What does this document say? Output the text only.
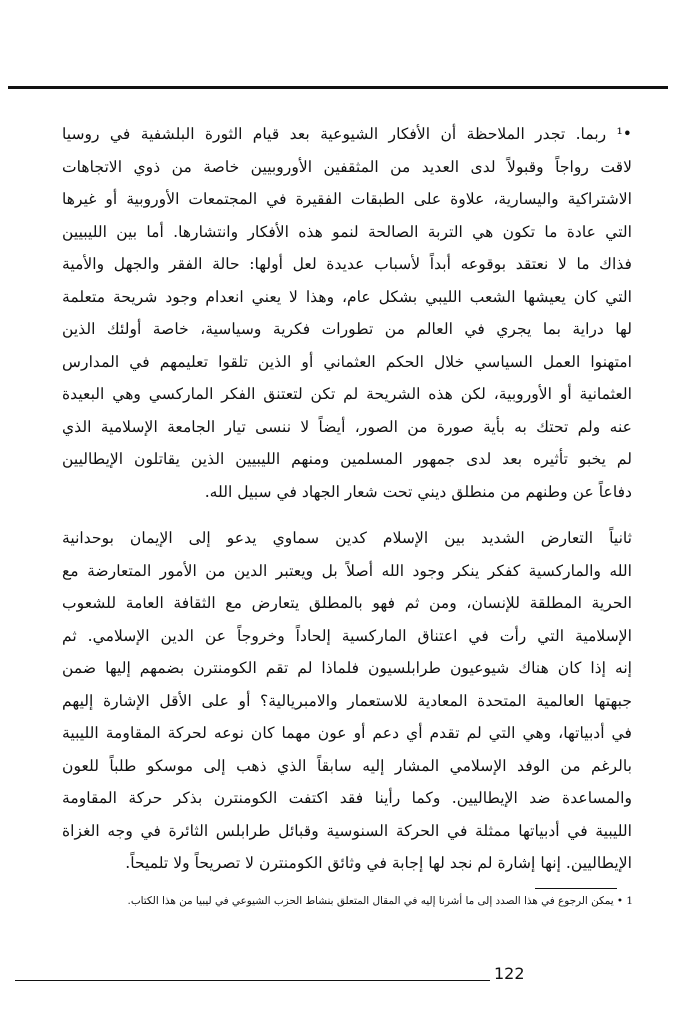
•¹ ربما. تجدر الملاحظة أن الأفكار الشيوعية بعد قيام الثورة البلشفية في روسيا

لاقت رواجاً وقبولاً لدى العديد من المثقفين الأوروبيين خاصة من ذوي الاتجاهات

الاشتراكية واليسارية، علاوة على الطبقات الفقيرة في المجتمعات الأوروبية أو غيرها

التي عادة ما تكون هي التربة الصالحة لنمو هذه الأفكار وانتشارها. أما بين الليبيين

فذاك ما لا نعتقد بوقوعه أبداً لأسباب عديدة لعل أولها: حالة الفقر والجهل والأمية

التي كان يعيشها الشعب الليبي بشكل عام، وهذا لا يعني انعدام وجود شريحة متعلمة

لها دراية بما يجري في العالم من تطورات فكرية وسياسية، خاصة أولئك الذين

امتهنوا العمل السياسي خلال الحكم العثماني أو الذين تلقوا تعليمهم في المدارس

العثمانية أو الأوروبية، لكن هذه الشريحة لم تكن لتعتنق الفكر الماركسي وهي البعيدة

عنه ولم تحتك به بأية صورة من الصور، أيضاً لا ننسى تيار الجامعة الإسلامية الذي

لم يخبو تأثيره بعد لدى جمهور المسلمين ومنهم الليبيين الذين يقاتلون الإيطاليين

دفاعاً عن وطنهم من منطلق ديني تحت شعار الجهاد في سبيل الله.

ثانياً التعارض الشديد بين الإسلام كدين سماوي يدعو إلى الإيمان بوحدانية

الله والماركسية كفكر ينكر وجود الله أصلاً بل ويعتبر الدين من الأمور المتعارضة مع

الحرية المطلقة للإنسان، ومن ثم فهو بالمطلق يتعارض مع الثقافة العامة للشعوب

الإسلامية التي رأت في اعتناق الماركسية إلحاداً وخروجاً عن الدين الإسلامي. ثم

إنه إذا كان هناك شيوعيون طرابلسيون فلماذا لم تقم الكومنترن بضمهم إليها ضمن

جبهتها العالمية المتحدة المعادية للاستعمار والامبريالية؟ أو على الأقل الإشارة إليهم

في أدبياتها، وهي التي لم تقدم أي دعم أو عون مهما كان نوعه لحركة المقاومة الليبية

بالرغم من الوفد الإسلامي المشار إليه سابقاً الذي ذهب إلى موسكو طلباً للعون

والمساعدة ضد الإيطاليين. وكما رأينا فقد اكتفت الكومنترن بذكر حركة المقاومة

الليبية في أدبياتها ممثلة في الحركة السنوسية وقبائل طرابلس الثائرة في وجه الغزاة

الإيطاليين. إنها إشارة لم نجد لها إجابة في وثائق الكومنترن لا تصريحاً ولا تلميحاً.

1 • يمكن الرجوع في هذا الصدد إلى ما أشرنا إليه في المقال المتعلق بنشاط الحزب الشيوعي في ليبيا من هذا الكتاب.
122
